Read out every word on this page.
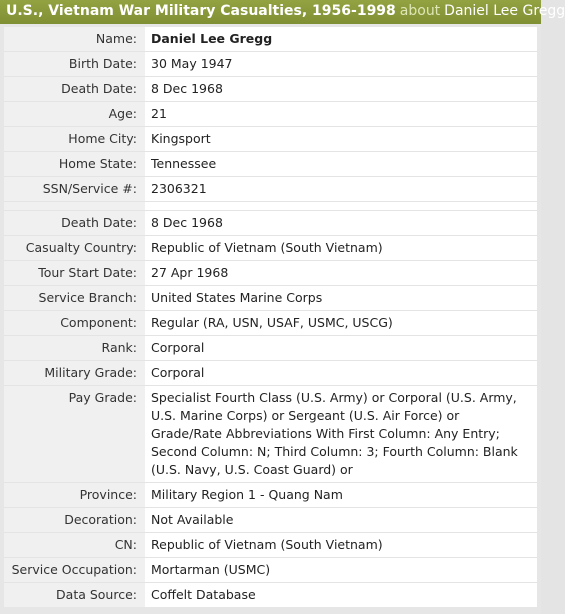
U.S., Vietnam War Military Casualties, 1956-1998 about Daniel Lee Gregg
Name:	Daniel Lee Gregg
Birth Date:	30 May 1947
Death Date:	8 Dec 1968
Age:	21
Home City:	Kingsport
Home State:	Tennessee
SSN/Service #:	2306321
Death Date:	8 Dec 1968
Casualty Country:	Republic of Vietnam (South Vietnam)
Tour Start Date:	27 Apr 1968
Service Branch:	United States Marine Corps
Component:	Regular (RA, USN, USAF, USMC, USCG)
Rank:	Corporal
Military Grade:	Corporal
Pay Grade:	Specialist Fourth Class (U.S. Army) or Corporal (U.S. Army, U.S. Marine Corps) or Sergeant (U.S. Air Force) or Grade/Rate Abbreviations With First Column: Any Entry; Second Column: N; Third Column: 3; Fourth Column: Blank (U.S. Navy, U.S. Coast Guard) or
Province:	Military Region 1 - Quang Nam
Decoration:	Not Available
CN:	Republic of Vietnam (South Vietnam)
Service Occupation:	Mortarman (USMC)
Data Source:	Coffelt Database
